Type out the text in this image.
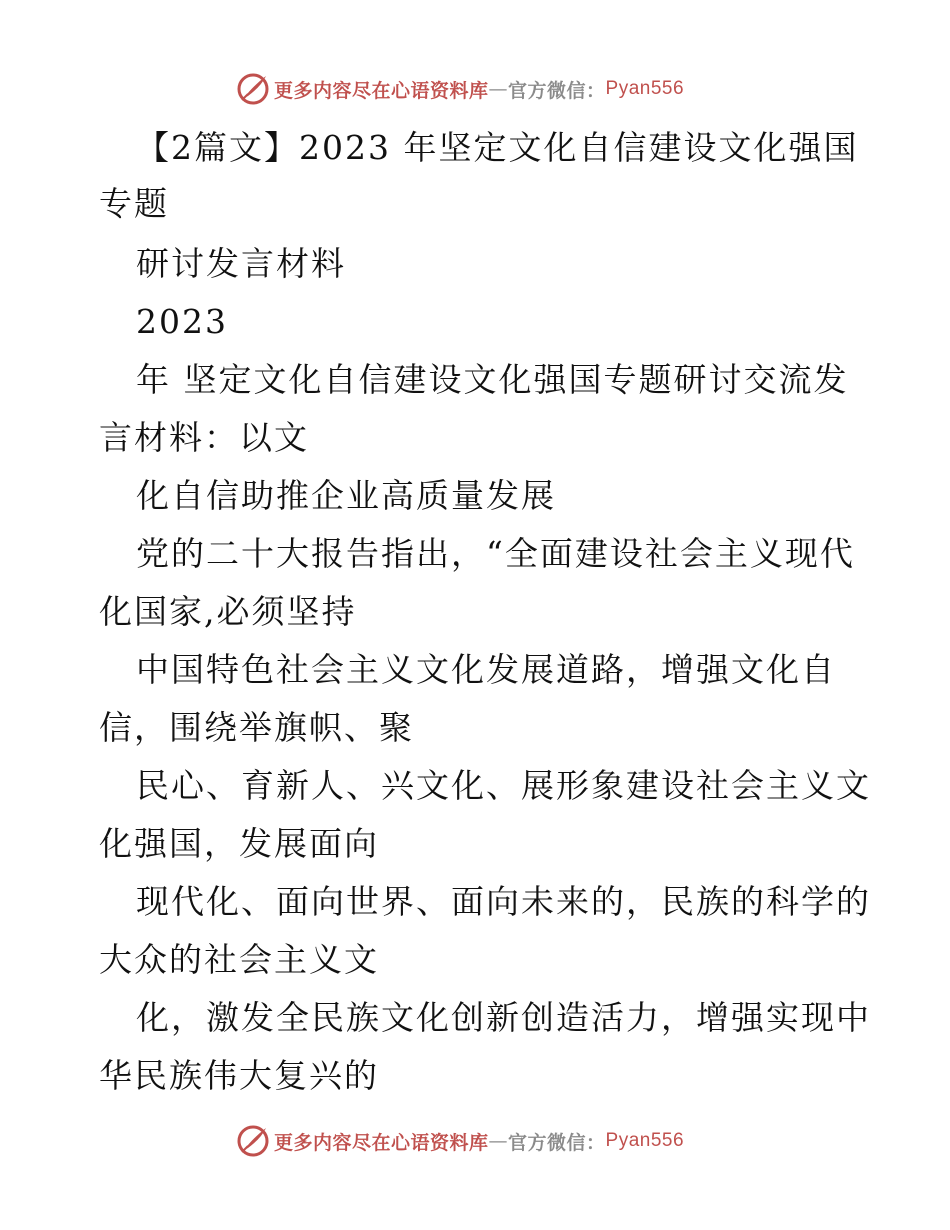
更多内容尽在心语资料库 — 官方微信： Pyan556
【2篇文】2023 年坚定文化自信建设文化强国
专题
研讨发言材料
2023
年 坚定文化自信建设文化强国专题研讨交流发
言材料：以文
化自信助推企业高质量发展
党的二十大报告指出，“全面建设社会主义现代
化国家,必须坚持
中国特色社会主义文化发展道路，增强文化自
信，围绕举旗帜、聚
民心、育新人、兴文化、展形象建设社会主义文
化强国，发展面向
现代化、面向世界、面向未来的，民族的科学的
大众的社会主义文
化，激发全民族文化创新创造活力，增强实现中
华民族伟大复兴的
更多内容尽在心语资料库 — 官方微信： Pyan556
